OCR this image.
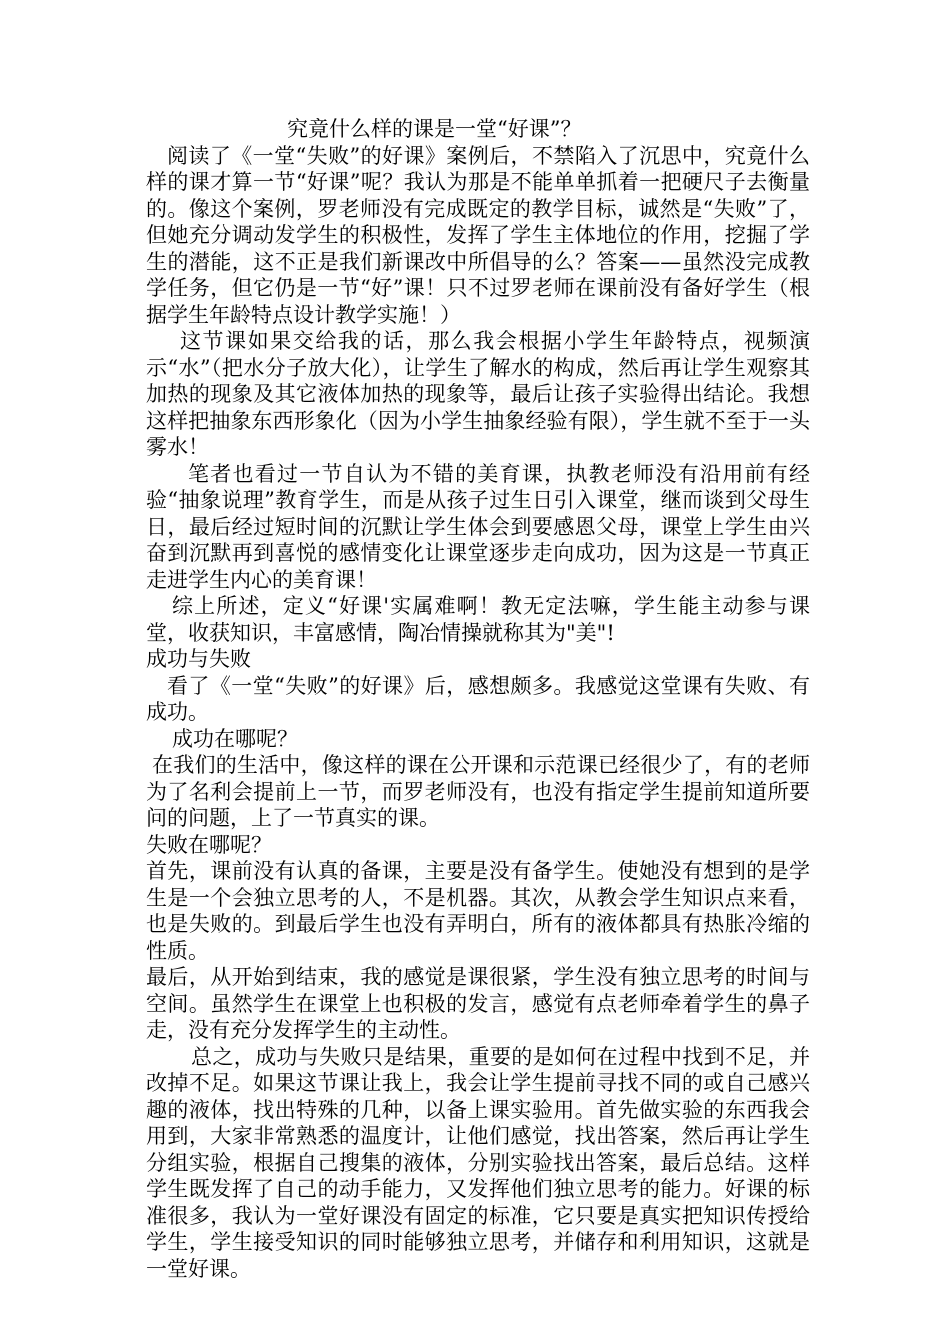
究竟什么样的课是一堂“好课”？

阅读了《一堂“失败”的好课》案例后，不禁陷入了沉思中，究竟什么样的课才算一节“好课”呢？我认为那是不能单单抓着一把硬尺子去衡量的。像这个案例，罗老师没有完成既定的教学目标，诚然是“失败”了，但她充分调动发学生的积极性，发挥了学生主体地位的作用，挖掘了学生的潜能，这不正是我们新课改中所倡导的么？答案——虽然没完成教学任务，但它仍是一节“好”课！只不过罗老师在课前没有备好学生（根据学生年龄特点设计教学实施！）

这节课如果交给我的话，那么我会根据小学生年龄特点，视频演示“水”（把水分子放大化），让学生了解水的构成，然后再让学生观察其加热的现象及其它液体加热的现象等，最后让孩子实验得出结论。我想这样把抽象东西形象化（因为小学生抽象经验有限），学生就不至于一头雾水！

笔者也看过一节自认为不错的美育课，执教老师没有沿用前有经验“抽象说理”教育学生，而是从孩子过生日引入课堂，继而谈到父母生日，最后经过短时间的沉默让学生体会到要感恩父母，课堂上学生由兴奋到沉默再到喜悦的感情变化让课堂逐步走向成功，因为这是一节真正走进学生内心的美育课！

综上所述，定义“好课'实属难啊！教无定法嘛，学生能主动参与课堂，收获知识，丰富感情，陶冶情操就称其为"美"!

成功与失败

看了《一堂“失败”的好课》后，感想颇多。我感觉这堂课有失败、有成功。

成功在哪呢？

在我们的生活中，像这样的课在公开课和示范课已经很少了，有的老师为了名利会提前上一节，而罗老师没有，也没有指定学生提前知道所要问的问题，上了一节真实的课。

失败在哪呢？

首先，课前没有认真的备课，主要是没有备学生。使她没有想到的是学生是一个会独立思考的人，不是机器。其次，从教会学生知识点来看，也是失败的。到最后学生也没有弄明白，所有的液体都具有热胀冷缩的性质。

最后，从开始到结束，我的感觉是课很紧，学生没有独立思考的时间与空间。虽然学生在课堂上也积极的发言，感觉有点老师牵着学生的鼻子走，没有充分发挥学生的主动性。

总之，成功与失败只是结果，重要的是如何在过程中找到不足，并改掉不足。如果这节课让我上，我会让学生提前寻找不同的或自己感兴趣的液体，找出特殊的几种，以备上课实验用。首先做实验的东西我会用到，大家非常熟悉的温度计，让他们感觉，找出答案，然后再让学生分组实验，根据自己搜集的液体，分别实验找出答案，最后总结。这样学生既发挥了自己的动手能力，又发挥他们独立思考的能力。好课的标准很多，我认为一堂好课没有固定的标准，它只要是真实把知识传授给学生，学生接受知识的同时能够独立思考，并储存和利用知识，这就是一堂好课。
